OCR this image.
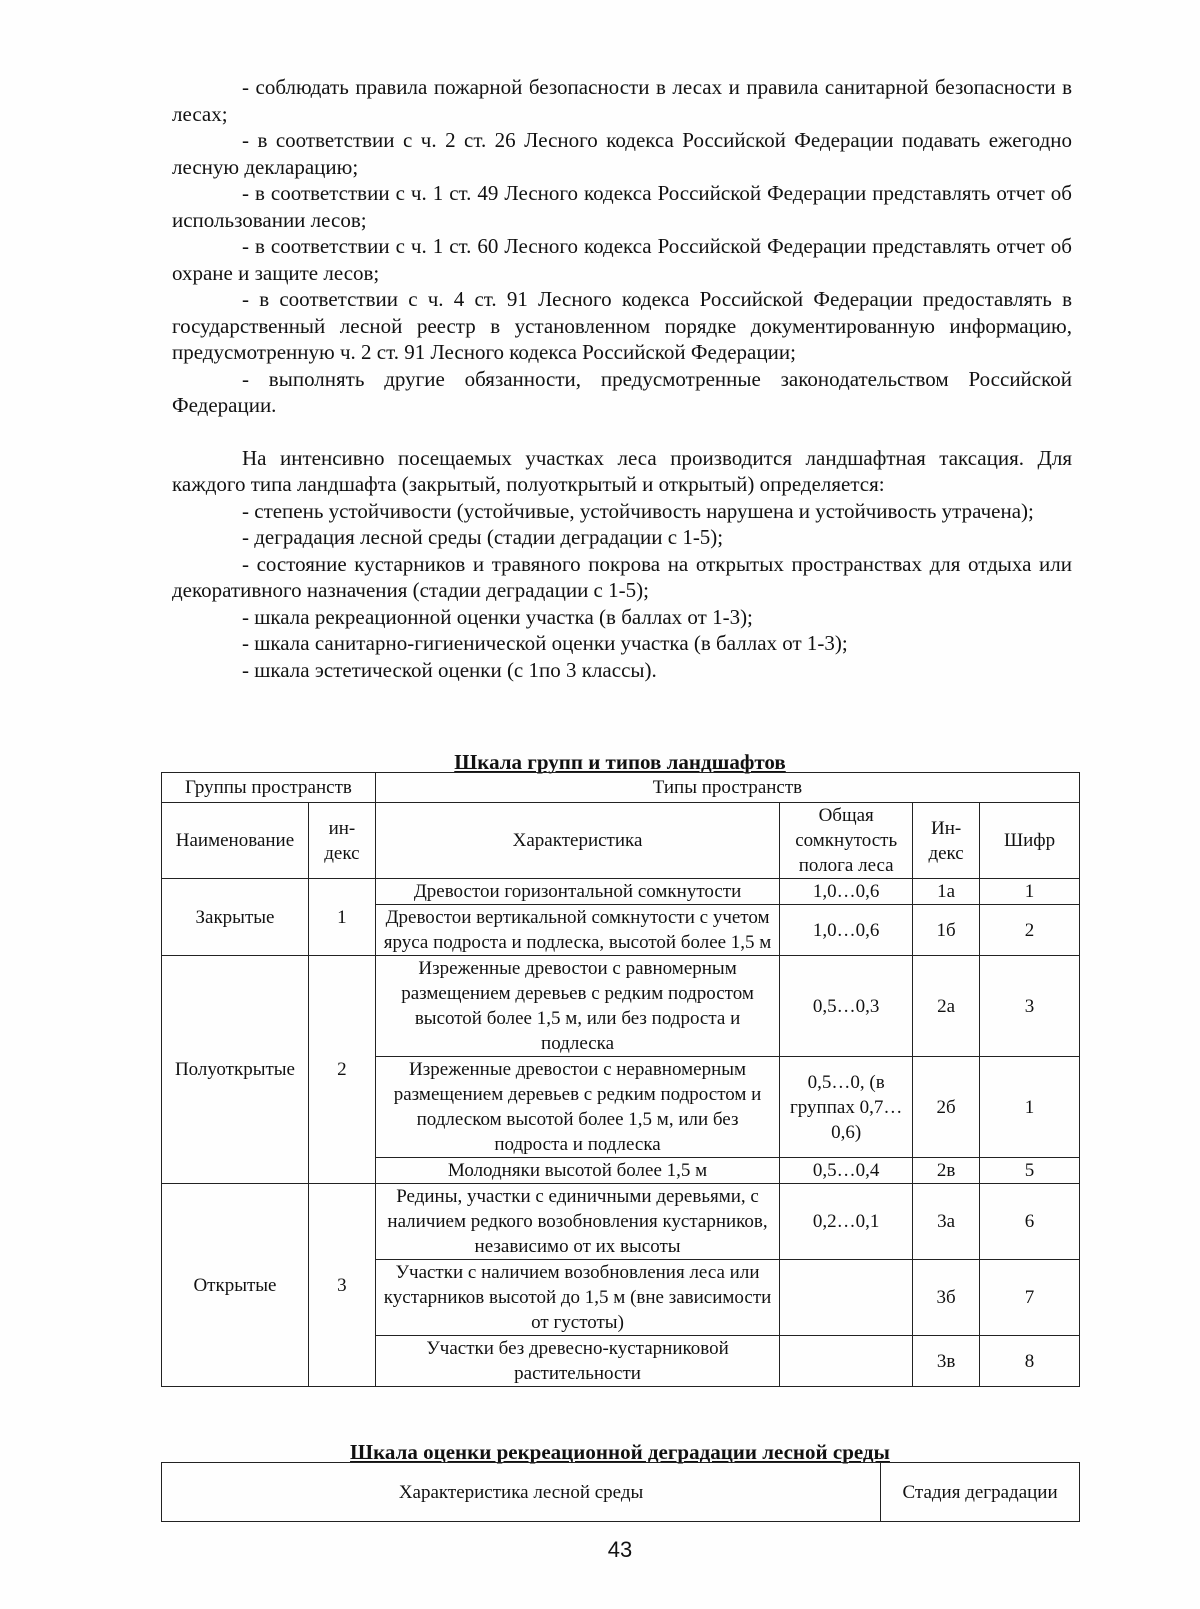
- соблюдать правила пожарной безопасности в лесах и правила санитарной безопасности в лесах;

- в соответствии с ч. 2 ст. 26 Лесного кодекса Российской Федерации подавать ежегодно лесную декларацию;

- в соответствии с ч. 1 ст. 49 Лесного кодекса Российской Федерации представлять отчет об использовании лесов;

- в соответствии с ч. 1 ст. 60 Лесного кодекса Российской Федерации представлять отчет об охране и защите лесов;

- в соответствии с ч. 4 ст. 91 Лесного кодекса Российской Федерации предоставлять в государственный лесной реестр в установленном порядке документированную информацию, предусмотренную ч. 2 ст. 91 Лесного кодекса Российской Федерации;

- выполнять другие обязанности, предусмотренные законодательством Российской Федерации.

На интенсивно посещаемых участках леса производится ландшафтная таксация. Для каждого типа ландшафта (закрытый, полуоткрытый и открытый) определяется:

- степень устойчивости (устойчивые, устойчивость нарушена и устойчивость утрачена);

- деградация лесной среды (стадии деградации с 1-5);

- состояние кустарников и травяного покрова на открытых пространствах для отдыха или декоративного назначения (стадии деградации с 1-5);

- шкала рекреационной оценки участка (в баллах от 1-3);

- шкала санитарно-гигиенической оценки участка (в баллах от 1-3);

- шкала эстетической оценки (с 1по 3 классы).

Шкала групп и типов ландшафтов
Группы пространств		Типы пространств			
Наименование	ин-декс	Характеристика	Общая сомкнутость полога леса	Ин-декс	Шифр
Закрытые	1	Древостои горизонтальной сомкнутости	1,0…0,6	1а	1
		Древостои вертикальной сомкнутости с учетом яруса подроста и подлеска, высотой более 1,5 м	1,0…0,6	1б	2
Полуоткрытые	2	Изреженные древостои с равномерным размещением деревьев с редким подростом высотой более 1,5 м, или без подроста и подлеска	0,5…0,3	2а	3
		Изреженные древостои с неравномерным размещением деревьев с редким подростом и подлеском высотой более 1,5 м, или без подроста и подлеска	0,5…0, (в группах 0,7…0,6)	2б	1
		Молодняки высотой более 1,5 м	0,5…0,4	2в	5
Открытые	3	Редины, участки с единичными деревьями, с наличием редкого возобновления кустарников, независимо от их высоты	0,2…0,1	3а	6
		Участки с наличием возобновления леса или кустарников высотой до 1,5 м (вне зависимости от густоты)		3б	7
		Участки без древесно-кустарниковой растительности		3в	8
Шкала оценки рекреационной деградации лесной среды
Характеристика лесной среды	Стадия деградации
43
